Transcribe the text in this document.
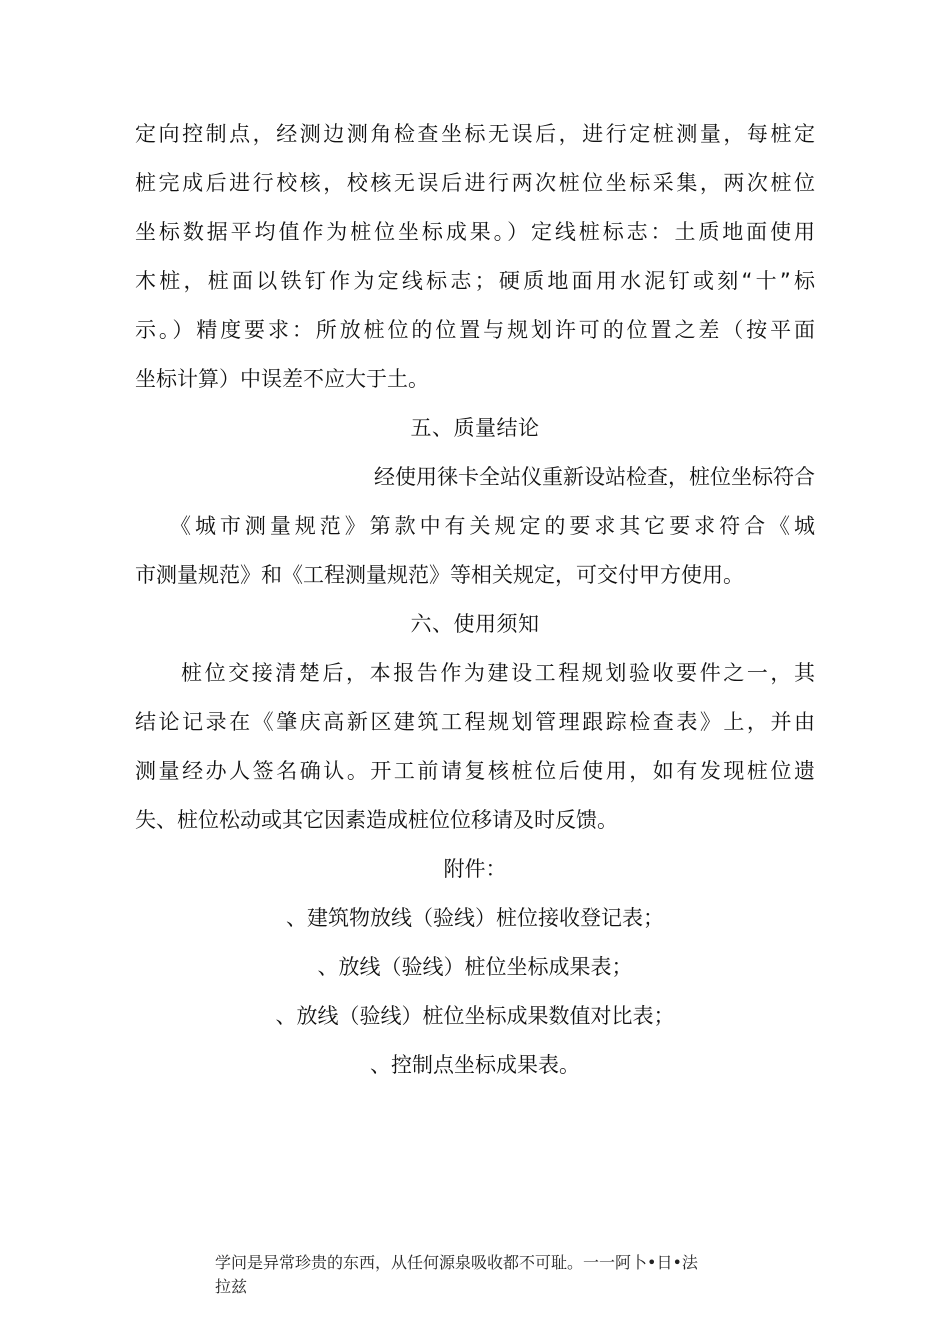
定向控制点，经测边测角检查坐标无误后，进行定桩测量，每桩定
桩完成后进行校核，校核无误后进行两次桩位坐标采集，两次桩位
坐标数据平均值作为桩位坐标成果。）定线桩标志：土质地面使用
木桩，桩面以铁钉作为定线标志；硬质地面用水泥钉或刻“十”标
示。）精度要求：所放桩位的位置与规划许可的位置之差（按平面
坐标计算）中误差不应大于土。
五、质量结论
经使用徕卡全站仪重新设站检查，桩位坐标符合
《城市测量规范》第款中有关规定的要求其它要求符合《城
市测量规范》和《工程测量规范》等相关规定，可交付甲方使用。
六、使用须知
桩位交接清楚后，本报告作为建设工程规划验收要件之一，其
结论记录在《肇庆高新区建筑工程规划管理跟踪检查表》上，并由
测量经办人签名确认。开工前请复核桩位后使用，如有发现桩位遗
失、桩位松动或其它因素造成桩位位移请及时反馈。
附件：
、建筑物放线（验线）桩位接收登记表；
、放线（验线）桩位坐标成果表；
、放线（验线）桩位坐标成果数值对比表；
、控制点坐标成果表。
学问是异常珍贵的东西，从任何源泉吸收都不可耻。一一阿卜•日•法
拉兹
